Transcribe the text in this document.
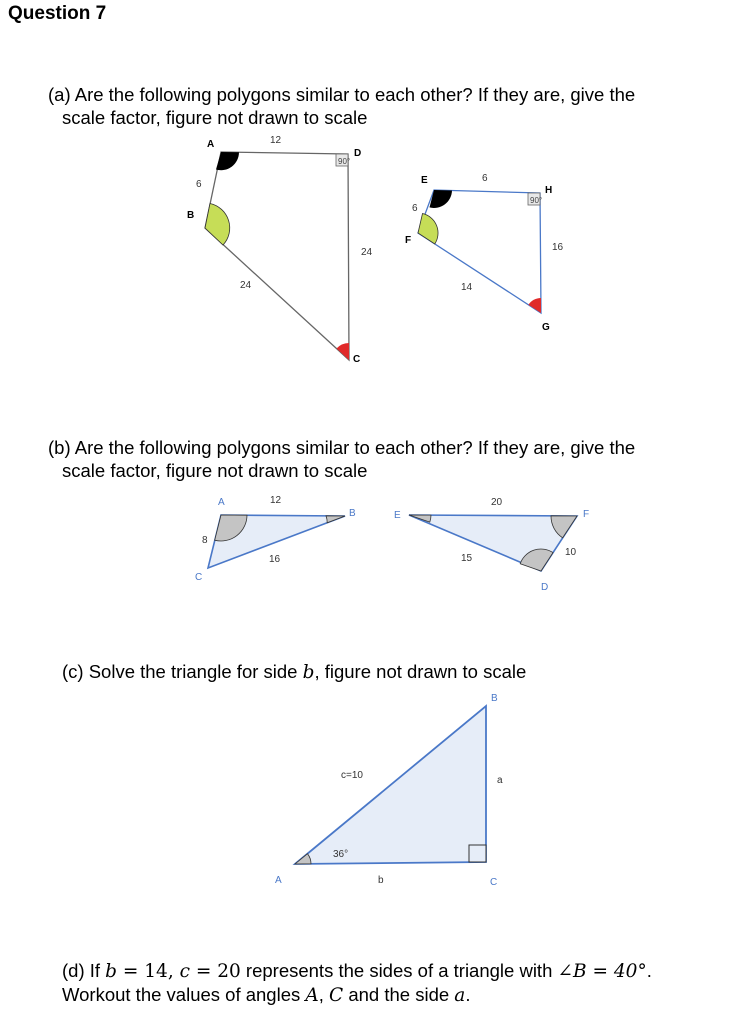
Question 7
(a) Are the following polygons similar to each other? If they are, give the
scale factor, figure not drawn to scale
90°
A
B
C
D
12
6
24
24
90°
E
F
G
H
6
6
14
16
A
B
C
12
8
16
E	F
D
20
10
15
B
A	C
c=10	a
b
36°
(b) Are the following polygons similar to each other? If they are, give the
scale factor, figure not drawn to scale
(c) Solve the triangle for side b, figure not drawn to scale
(d) If b = 14, c = 20 represents the sides of a triangle with ∠B = 40°.
Workout the values of angles A, C and the side a.
